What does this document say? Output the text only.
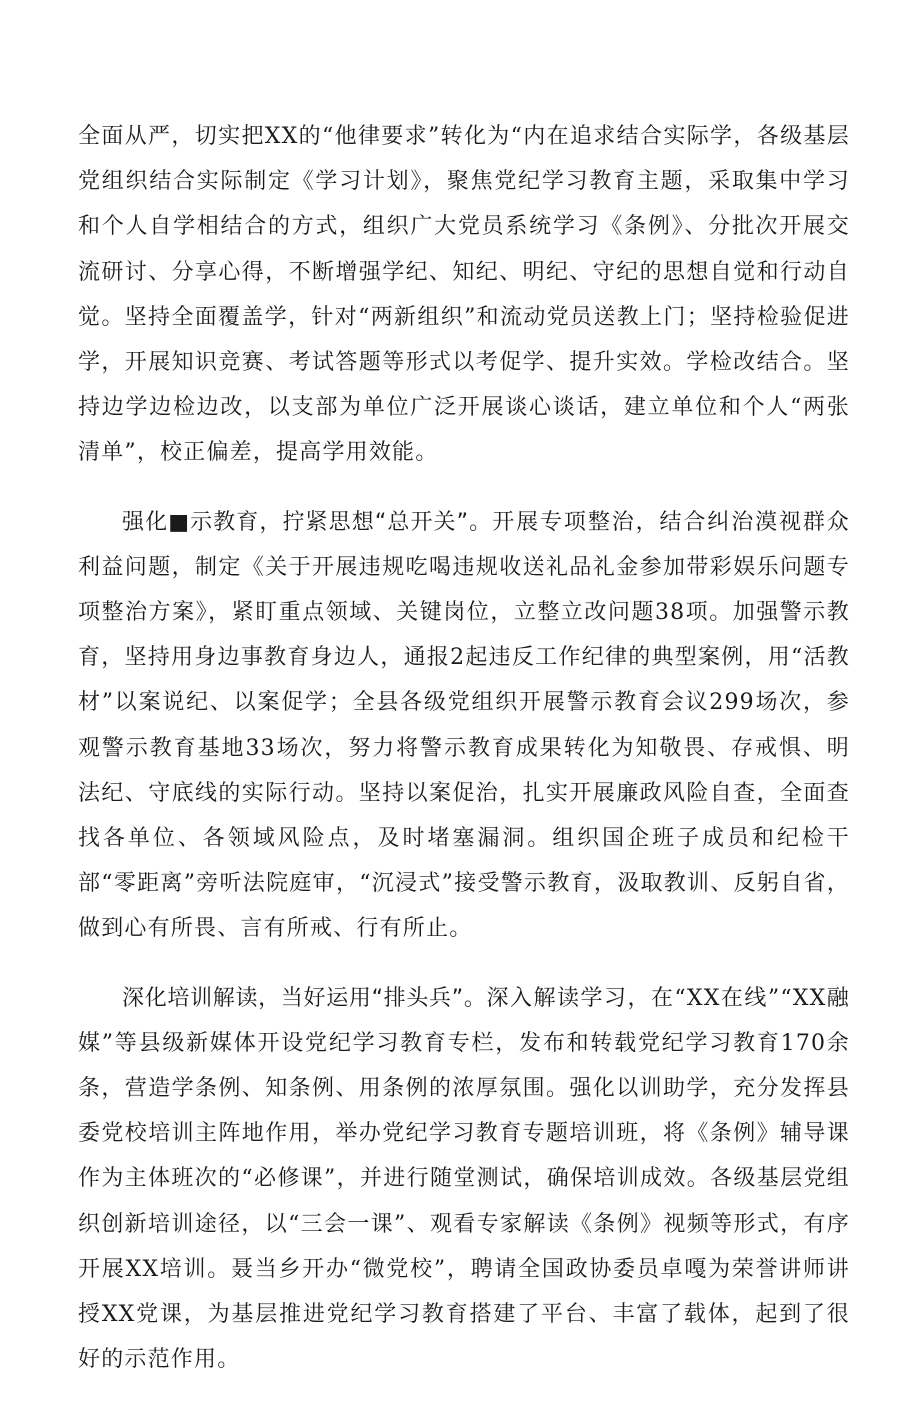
全面从严，切实把XX的“他律要求”转化为“内在追求结合实际学，各级基层党组织结合实际制定《学习计划》，聚焦党纪学习教育主题，采取集中学习和个人自学相结合的方式，组织广大党员系统学习《条例》、分批次开展交流研讨、分享心得，不断增强学纪、知纪、明纪、守纪的思想自觉和行动自觉。坚持全面覆盖学，针对“两新组织”和流动党员送教上门；坚持检验促进学，开展知识竞赛、考试答题等形式以考促学、提升实效。学检改结合。坚持边学边检边改，以支部为单位广泛开展谈心谈话，建立单位和个人“两张清单”，校正偏差，提高学用效能。

强化■示教育，拧紧思想“总开关”。开展专项整治，结合纠治漠视群众利益问题，制定《关于开展违规吃喝违规收送礼品礼金参加带彩娱乐问题专项整治方案》，紧盯重点领域、关键岗位，立整立改问题38项。加强警示教育，坚持用身边事教育身边人，通报2起违反工作纪律的典型案例，用“活教材”以案说纪、以案促学；全县各级党组织开展警示教育会议299场次，参观警示教育基地33场次，努力将警示教育成果转化为知敬畏、存戒惧、明法纪、守底线的实际行动。坚持以案促治，扎实开展廉政风险自查，全面查找各单位、各领域风险点，及时堵塞漏洞。组织国企班子成员和纪检干部“零距离”旁听法院庭审，“沉浸式”接受警示教育，汲取教训、反躬自省，做到心有所畏、言有所戒、行有所止。

深化培训解读，当好运用“排头兵”。深入解读学习，在“XX在线”“XX融媒”等县级新媒体开设党纪学习教育专栏，发布和转载党纪学习教育170余条，营造学条例、知条例、用条例的浓厚氛围。强化以训助学，充分发挥县委党校培训主阵地作用，举办党纪学习教育专题培训班，将《条例》辅导课作为主体班次的“必修课”，并进行随堂测试，确保培训成效。各级基层党组织创新培训途径，以“三会一课”、观看专家解读《条例》视频等形式，有序开展XX培训。聂当乡开办“微党校”，聘请全国政协委员卓嘎为荣誉讲师讲授XX党课，为基层推进党纪学习教育搭建了平台、丰富了载体，起到了很好的示范作用。
